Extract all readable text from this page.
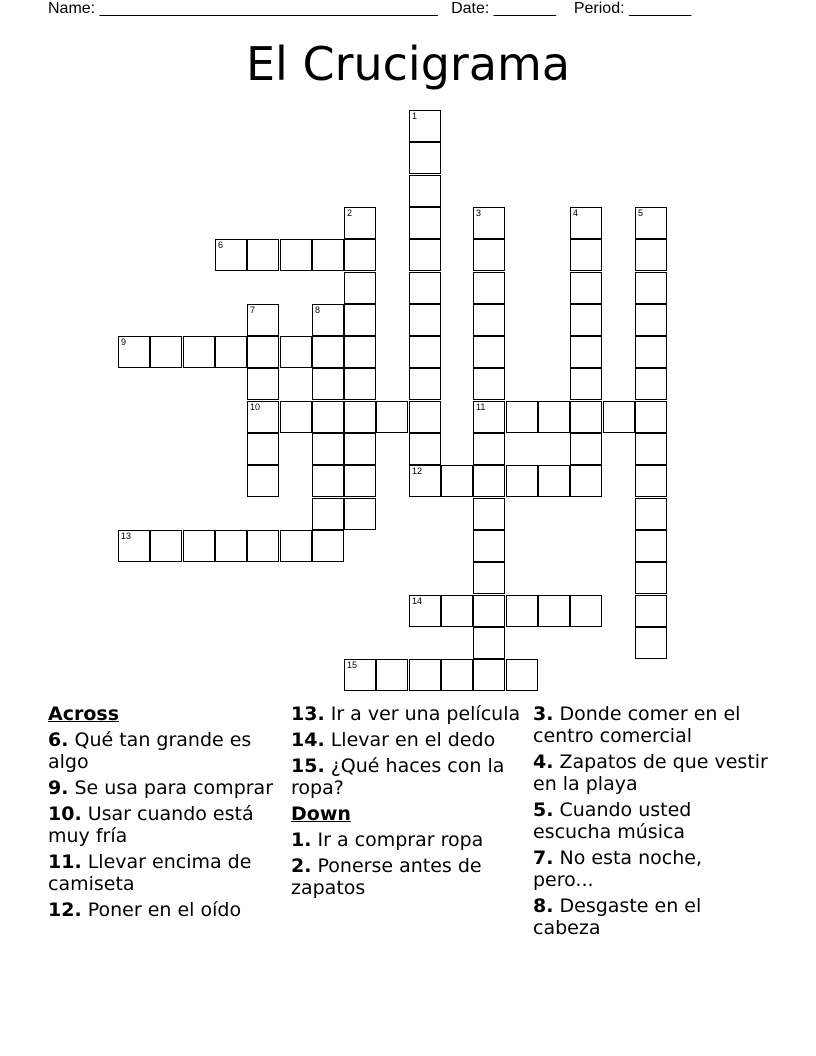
Name: ______________________________________ Date: _______ Period: _______
El Crucigrama
1
12
2	3
11
4	5
6
7
10
8
9
13
14
15
Across
6. Qué tan grande es algo
9. Se usa para comprar
10. Usar cuando está muy fría
11. Llevar encima de camiseta
12. Poner en el oído
13. Ir a ver una película
14. Llevar en el dedo
15. ¿Qué haces con la ropa?
Down
1. Ir a comprar ropa
2. Ponerse antes de zapatos
3. Donde comer en el centro comercial
4. Zapatos de que vestir en la playa
5. Cuando usted escucha música
7. No esta noche, pero...
8. Desgaste en el cabeza
